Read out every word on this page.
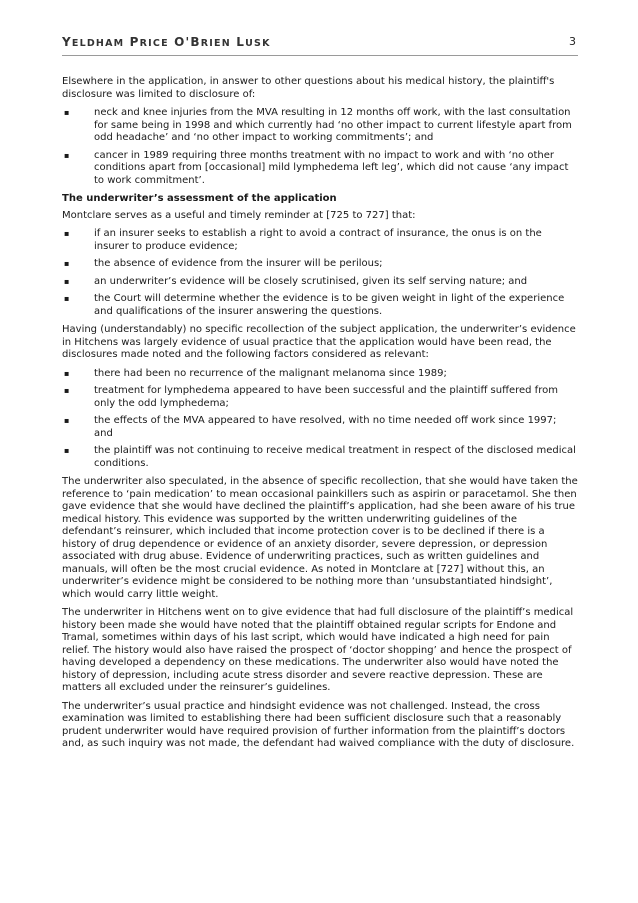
YELDHAM PRICE O'BRIEN LUSK	3

Elsewhere in the application, in answer to other questions about his medical history, the plaintiff's disclosure was limited to disclosure of:

▪ neck and knee injuries from the MVA resulting in 12 months off work, with the last consultation for same being in 1998 and which currently had ‘no other impact to current lifestyle apart from odd headache’ and ‘no other impact to working commitments’; and
▪ cancer in 1989 requiring three months treatment with no impact to work and with ‘no other conditions apart from [occasional] mild lymphedema left leg’, which did not cause ‘any impact to work commitment’.

The underwriter’s assessment of the application

Montclare serves as a useful and timely reminder at [725 to 727] that:

▪ if an insurer seeks to establish a right to avoid a contract of insurance, the onus is on the insurer to produce evidence;
▪ the absence of evidence from the insurer will be perilous;
▪ an underwriter’s evidence will be closely scrutinised, given its self serving nature; and
▪ the Court will determine whether the evidence is to be given weight in light of the experience and qualifications of the insurer answering the questions.

Having (understandably) no specific recollection of the subject application, the underwriter’s evidence in Hitchens was largely evidence of usual practice that the application would have been read, the disclosures made noted and the following factors considered as relevant:

▪ there had been no recurrence of the malignant melanoma since 1989;
▪ treatment for lymphedema appeared to have been successful and the plaintiff suffered from only the odd lymphedema;
▪ the effects of the MVA appeared to have resolved, with no time needed off work since 1997; and
▪ the plaintiff was not continuing to receive medical treatment in respect of the disclosed medical conditions.

The underwriter also speculated, in the absence of specific recollection, that she would have taken the reference to ‘pain medication’ to mean occasional painkillers such as aspirin or paracetamol. She then gave evidence that she would have declined the plaintiff’s application, had she been aware of his true medical history. This evidence was supported by the written underwriting guidelines of the defendant’s reinsurer, which included that income protection cover is to be declined if there is a history of drug dependence or evidence of an anxiety disorder, severe depression, or depression associated with drug abuse. Evidence of underwriting practices, such as written guidelines and manuals, will often be the most crucial evidence. As noted in Montclare at [727] without this, an underwriter’s evidence might be considered to be nothing more than ‘unsubstantiated hindsight’, which would carry little weight.

The underwriter in Hitchens went on to give evidence that had full disclosure of the plaintiff’s medical history been made she would have noted that the plaintiff obtained regular scripts for Endone and Tramal, sometimes within days of his last script, which would have indicated a high need for pain relief. The history would also have raised the prospect of ‘doctor shopping’ and hence the prospect of having developed a dependency on these medications. The underwriter also would have noted the history of depression, including acute stress disorder and severe reactive depression. These are matters all excluded under the reinsurer’s guidelines.

The underwriter’s usual practice and hindsight evidence was not challenged. Instead, the cross examination was limited to establishing there had been sufficient disclosure such that a reasonably prudent underwriter would have required provision of further information from the plaintiff’s doctors and, as such inquiry was not made, the defendant had waived compliance with the duty of disclosure.
